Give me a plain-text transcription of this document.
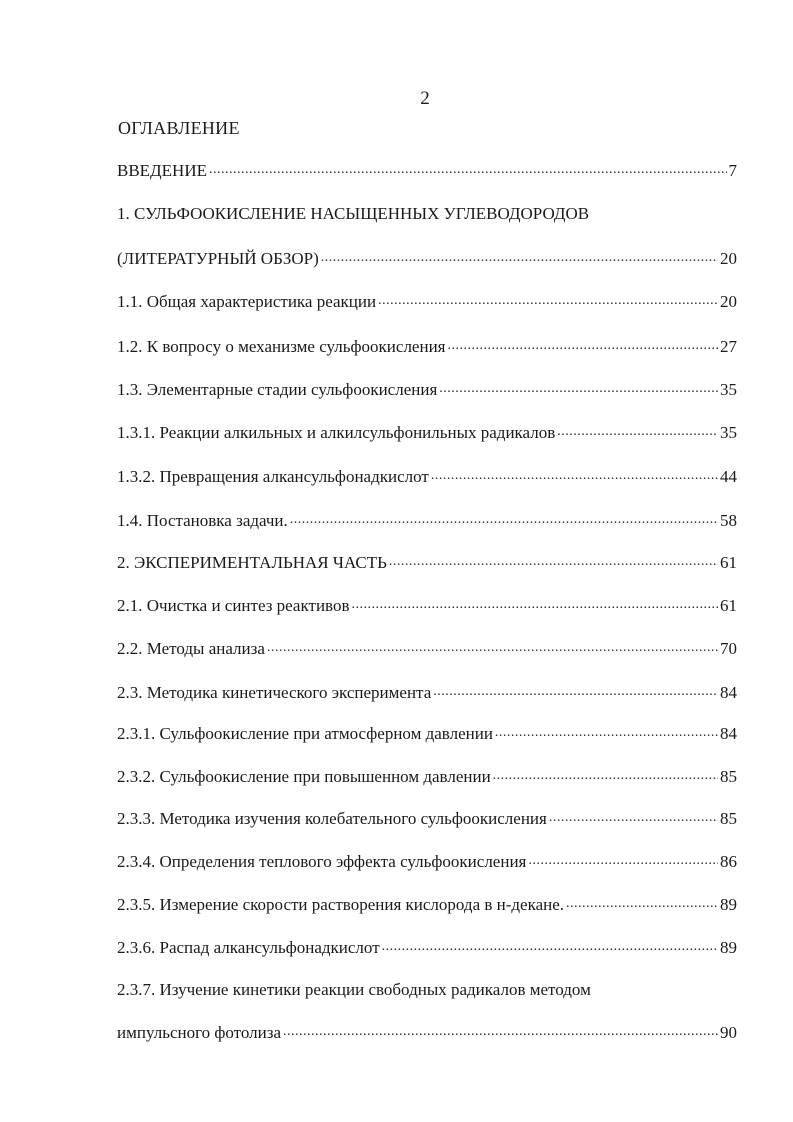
2
ОГЛАВЛЕНИЕ
ВВЕДЕНИЕ .....	7
1. СУЛЬФООКИСЛЕНИЕ НАСЫЩЕННЫХ УГЛЕВОДОРОДОВ
(ЛИТЕРАТУРНЫЙ ОБЗОР) .....	20
1.1. Общая характеристика реакции .....	20
1.2. К вопросу о механизме сульфоокисления .....	27
1.3. Элементарные стадии сульфоокисления .....	35
1.3.1. Реакции алкильных и алкилсульфонильных радикалов .....	35
1.3.2. Превращения алкансульфонадкислот .....	44
1.4. Постановка задачи. .....	58
2. ЭКСПЕРИМЕНТАЛЬНАЯ ЧАСТЬ .....	61
2.1. Очистка и синтез реактивов .....	61
2.2. Методы анализа .....	70
2.3. Методика кинетического эксперимента .....	84
2.3.1. Сульфоокисление при атмосферном давлении .....	84
2.3.2. Сульфоокисление при повышенном давлении .....	85
2.3.3. Методика изучения колебательного сульфоокисления .....	85
2.3.4. Определения теплового эффекта сульфоокисления .....	86
2.3.5. Измерение скорости растворения кислорода в н-декане. .....	89
2.3.6. Распад алкансульфонадкислот .....	89
2.3.7. Изучение кинетики реакции свободных радикалов методом
импульсного фотолиза .....	90
